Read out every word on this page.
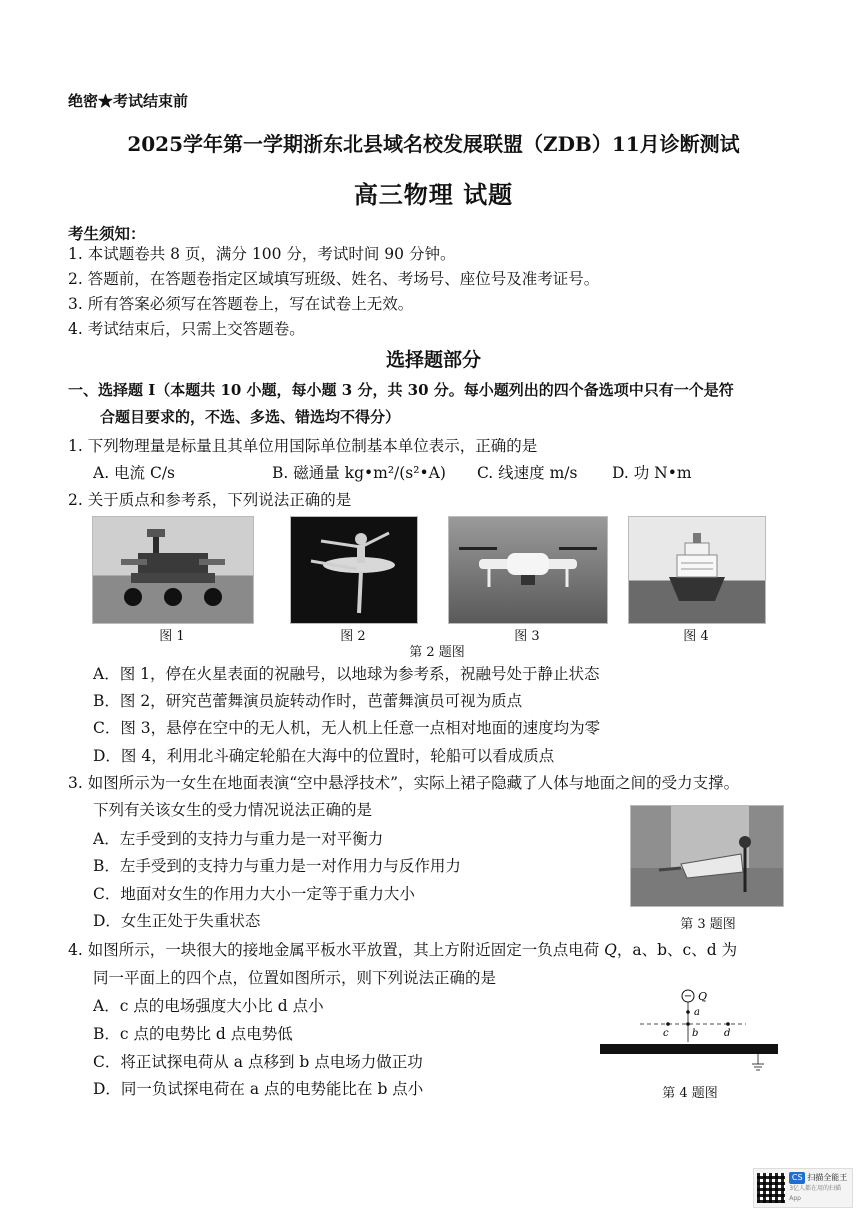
绝密★考试结束前
2025学年第一学期浙东北县域名校发展联盟（ZDB）11月诊断测试
高三物理 试题
考生须知：
1. 本试题卷共 8 页，满分 100 分，考试时间 90 分钟。
2. 答题前，在答题卷指定区域填写班级、姓名、考场号、座位号及准考证号。
3. 所有答案必须写在答题卷上，写在试卷上无效。
4. 考试结束后，只需上交答题卷。
选择题部分
一、选择题 Ⅰ（本题共 10 小题，每小题 3 分，共 30 分。每小题列出的四个备选项中只有一个是符
合题目要求的，不选、多选、错选均不得分）
1. 下列物理量是标量且其单位用国际单位制基本单位表示，正确的是
A. 电流 C/s	B. 磁通量 kg•m²/(s²•A) C. 线速度 m/s D. 功 N•m
2. 关于质点和参考系，下列说法正确的是
图 1	图 2	图 3	图 4
第 2 题图
A．图 1，停在火星表面的祝融号，以地球为参考系，祝融号处于静止状态
B．图 2，研究芭蕾舞演员旋转动作时，芭蕾舞演员可视为质点
C．图 3，悬停在空中的无人机，无人机上任意一点相对地面的速度均为零
D．图 4，利用北斗确定轮船在大海中的位置时，轮船可以看成质点
3. 如图所示为一女生在地面表演“空中悬浮技术”，实际上裙子隐藏了人体与地面之间的受力支撑。
下列有关该女生的受力情况说法正确的是
A．左手受到的支持力与重力是一对平衡力
B．左手受到的支持力与重力是一对作用力与反作用力
C．地面对女生的作用力大小一定等于重力大小
D．女生正处于失重状态	第 3 题图
4. 如图所示，一块很大的接地金属平板水平放置，其上方附近固定一负点电荷 Q，a、b、c、d 为
同一平面上的四个点，位置如图所示，则下列说法正确的是
A．c 点的电场强度大小比 d 点小
B．c 点的电势比 d 点电势低
C．将正试探电荷从 a 点移到 b 点电场力做正功
D．同一负试探电荷在 a 点的电势能比在 b 点小
− Q
a
c b	d
第 4 题图
CS 扫描全能王
3亿人都在用的扫描App
